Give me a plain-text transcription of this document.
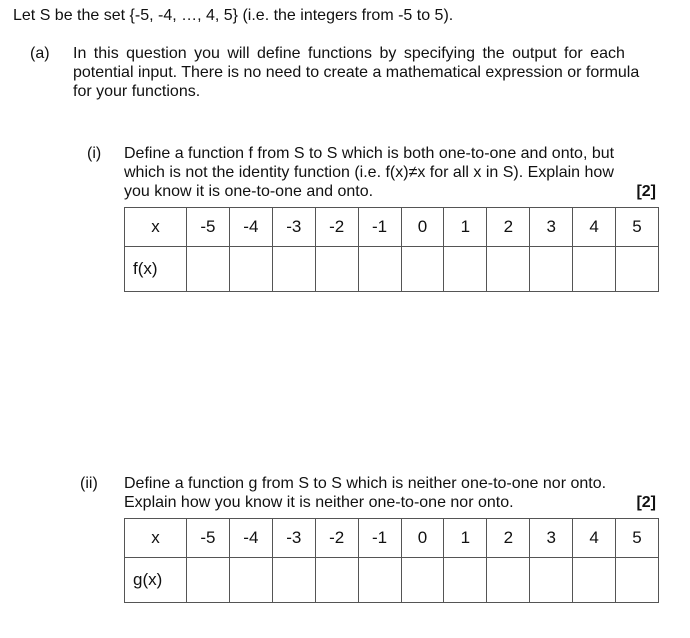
Let S be the set {-5, -4, …, 4, 5} (i.e. the integers from -5 to 5).
(a) In this question you will define functions by specifying the output for each
potential input. There is no need to create a mathematical expression or formula
for your functions.
(i) Define a function f from S to S which is both one-to-one and onto, but
which is not the identity function (i.e. f(x)≠x for all x in S). Explain how
you know it is one-to-one and onto.	[2]
x	-5	-4	-3	-2	-1	0	1	2	3	4	5
f(x)											
(ii) Define a function g from S to S which is neither one-to-one nor onto.
Explain how you know it is neither one-to-one nor onto.	[2]
x	-5	-4	-3	-2	-1	0	1	2	3	4	5
g(x)											
